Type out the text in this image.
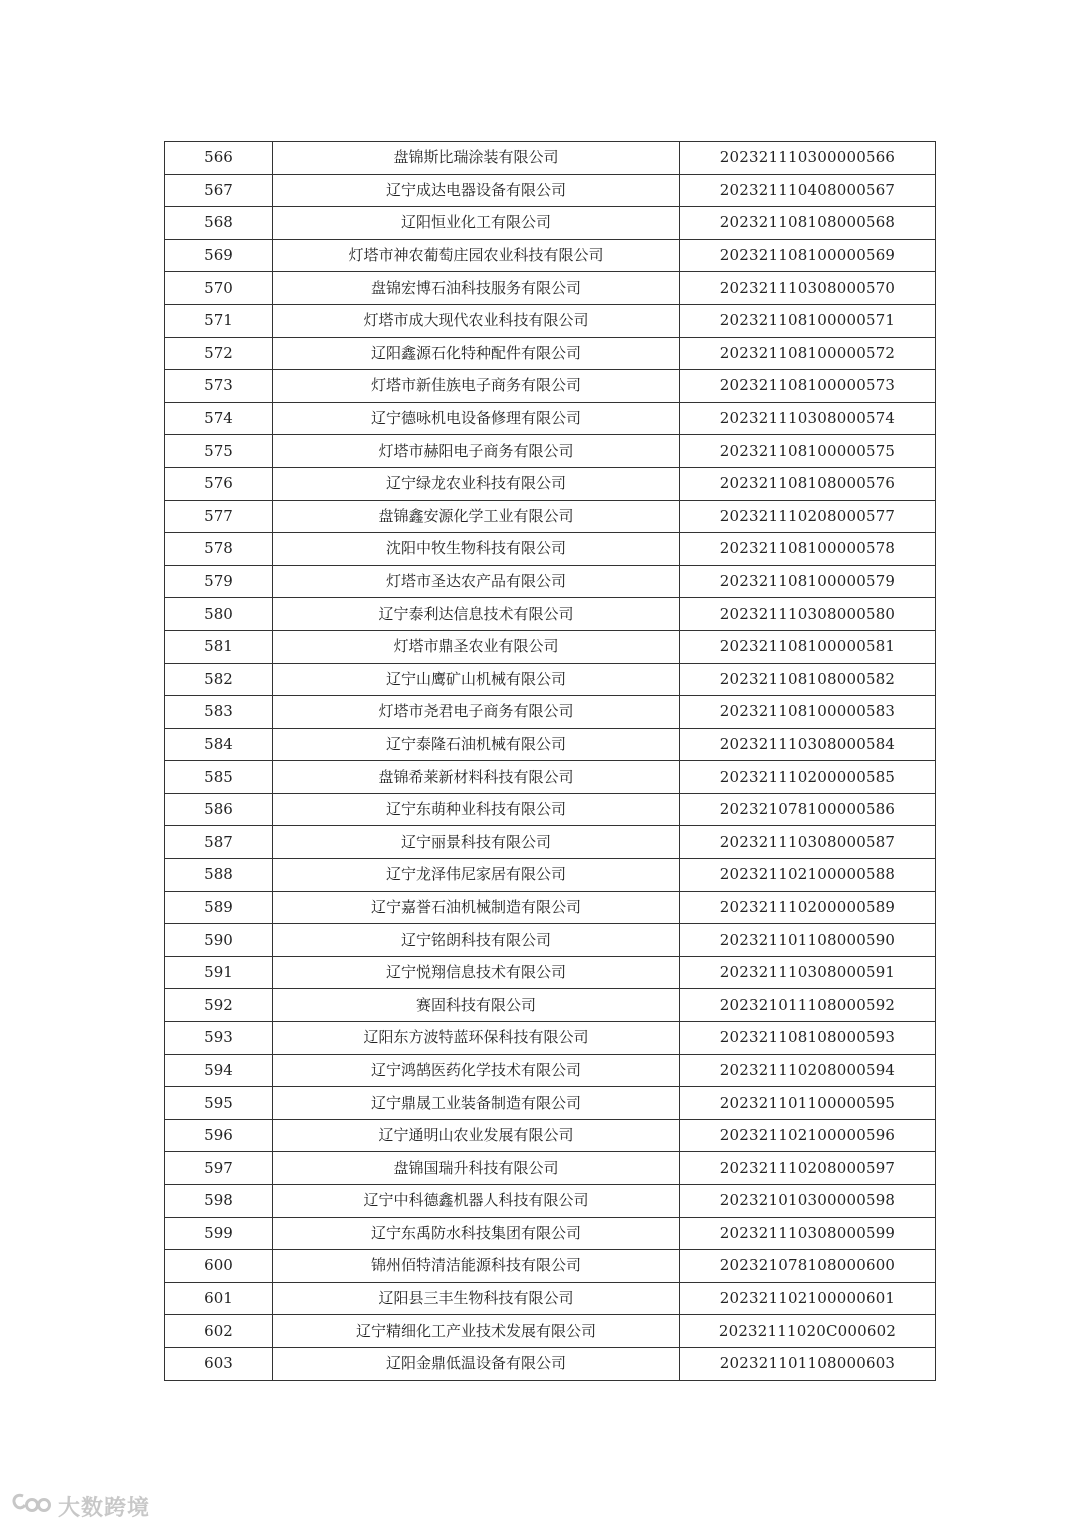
566	盘锦斯比瑞涂装有限公司	202321110300000566
567	辽宁成达电器设备有限公司	202321110408000567
568	辽阳恒业化工有限公司	202321108108000568
569	灯塔市神农葡萄庄园农业科技有限公司	202321108100000569
570	盘锦宏博石油科技服务有限公司	202321110308000570
571	灯塔市成大现代农业科技有限公司	202321108100000571
572	辽阳鑫源石化特种配件有限公司	202321108100000572
573	灯塔市新佳族电子商务有限公司	202321108100000573
574	辽宁德咏机电设备修理有限公司	202321110308000574
575	灯塔市赫阳电子商务有限公司	202321108100000575
576	辽宁绿龙农业科技有限公司	202321108108000576
577	盘锦鑫安源化学工业有限公司	202321110208000577
578	沈阳中牧生物科技有限公司	202321108100000578
579	灯塔市圣达农产品有限公司	202321108100000579
580	辽宁泰利达信息技术有限公司	202321110308000580
581	灯塔市鼎圣农业有限公司	202321108100000581
582	辽宁山鹰矿山机械有限公司	202321108108000582
583	灯塔市尧君电子商务有限公司	202321108100000583
584	辽宁泰隆石油机械有限公司	202321110308000584
585	盘锦希莱新材料科技有限公司	202321110200000585
586	辽宁东萌种业科技有限公司	202321078100000586
587	辽宁丽景科技有限公司	202321110308000587
588	辽宁龙泽伟尼家居有限公司	202321102100000588
589	辽宁嘉誉石油机械制造有限公司	202321110200000589
590	辽宁铭朗科技有限公司	202321101108000590
591	辽宁悦翔信息技术有限公司	202321110308000591
592	赛固科技有限公司	202321011108000592
593	辽阳东方波特蓝环保科技有限公司	202321108108000593
594	辽宁鸿鹄医药化学技术有限公司	202321110208000594
595	辽宁鼎晟工业装备制造有限公司	202321101100000595
596	辽宁通明山农业发展有限公司	202321102100000596
597	盘锦国瑞升科技有限公司	202321110208000597
598	辽宁中科德鑫机器人科技有限公司	202321010300000598
599	辽宁东禹防水科技集团有限公司	202321110308000599
600	锦州佰特清洁能源科技有限公司	202321078108000600
601	辽阳县三丰生物科技有限公司	202321102100000601
602	辽宁精细化工产业技术发展有限公司	20232111020C000602
603	辽阳金鼎低温设备有限公司	202321101108000603
大数跨境
